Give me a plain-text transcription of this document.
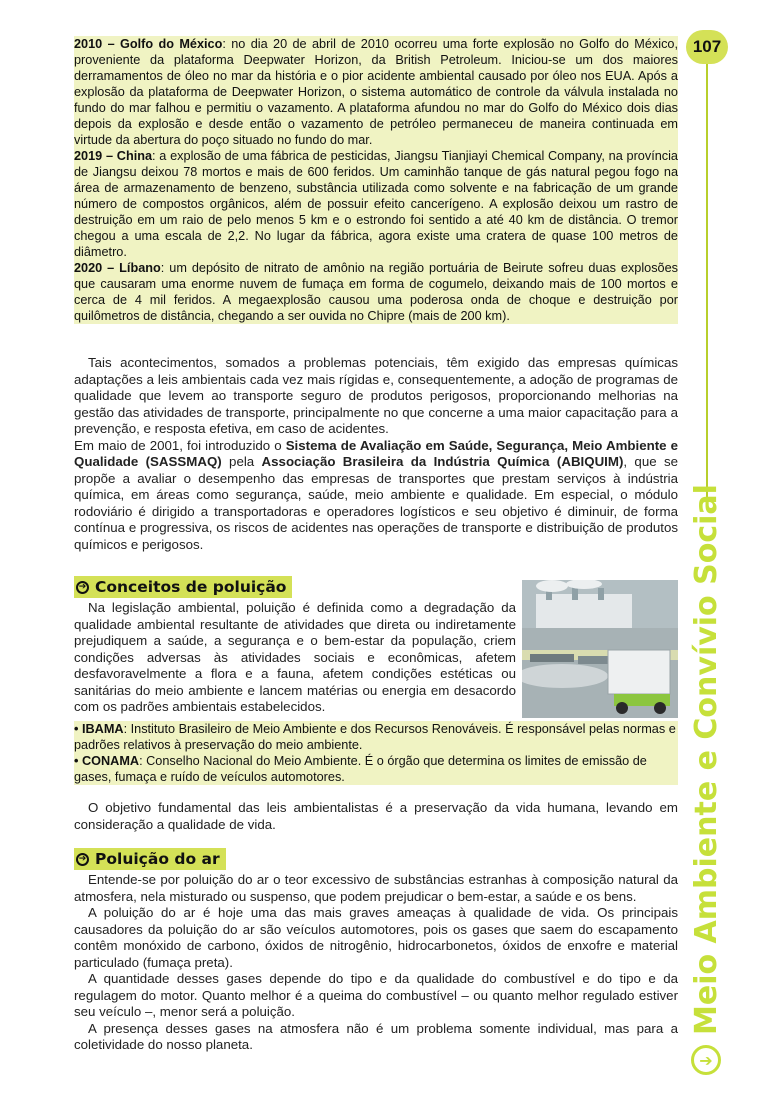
107
➔
Meio Ambiente e Convívio Social

2010 – Golfo do México: no dia 20 de abril de 2010 ocorreu uma forte explosão no Golfo do México, proveniente da plataforma Deepwater Horizon, da British Petroleum. Iniciou-se um dos maiores derramamentos de óleo no mar da história e o pior acidente ambiental causado por óleo nos EUA. Após a explosão da plataforma de Deepwater Horizon, o sistema automático de controle da válvula instalada no fundo do mar falhou e permitiu o vazamento. A plataforma afundou no mar do Golfo do México dois dias depois da explosão e desde então o vazamento de petróleo permaneceu de maneira continuada em virtude da abertura do poço situado no fundo do mar.

2019 – China: a explosão de uma fábrica de pesticidas, Jiangsu Tianjiayi Chemical Company, na província de Jiangsu deixou 78 mortos e mais de 600 feridos. Um caminhão tanque de gás natural pegou fogo na área de armazenamento de benzeno, substância utilizada como solvente e na fabricação de um grande número de compostos orgânicos, além de possuir efeito cancerígeno. A explosão deixou um rastro de destruição em um raio de pelo menos 5 km e o estrondo foi sentido a até 40 km de distância. O tremor chegou a uma escala de 2,2. No lugar da fábrica, agora existe uma cratera de quase 100 metros de diâmetro.

2020 – Líbano: um depósito de nitrato de amônio na região portuária de Beirute sofreu duas explosões que causaram uma enorme nuvem de fumaça em forma de cogumelo, deixando mais de 100 mortos e cerca de 4 mil feridos. A megaexplosão causou uma poderosa onda de choque e destruição por quilômetros de distância, chegando a ser ouvida no Chipre (mais de 200 km).

Tais acontecimentos, somados a problemas potenciais, têm exigido das empresas químicas adaptações a leis ambientais cada vez mais rígidas e, consequentemente, a adoção de programas de qualidade que levem ao transporte seguro de produtos perigosos, proporcionando melhorias na gestão das atividades de transporte, principalmente no que concerne a uma maior capacitação para a prevenção, e resposta efetiva, em caso de acidentes.

Em maio de 2001, foi introduzido o Sistema de Avaliação em Saúde, Segurança, Meio Ambiente e Qualidade (SASSMAQ) pela Associação Brasileira da Indústria Química (ABIQUIM), que se propõe a avaliar o desempenho das empresas de transportes que prestam serviços à indústria química, em áreas como segurança, saúde, meio ambiente e qualidade. Em especial, o módulo rodoviário é dirigido a transportadoras e operadores logísticos e seu objetivo é diminuir, de forma contínua e progressiva, os riscos de acidentes nas operações de transporte e distribuição de produtos químicos e perigosos.

➔ Conceitos de poluição

Na legislação ambiental, poluição é definida como a degradação da qualidade ambiental resultante de atividades que direta ou indiretamente prejudiquem a saúde, a segurança e o bem-estar da população, criem condições adversas às atividades sociais e econômicas, afetem desfavoravelmente a flora e a fauna, afetem condições estéticas ou sanitárias do meio ambiente e lancem matérias ou energia em desacordo com os padrões ambientais estabelecidos.

• IBAMA: Instituto Brasileiro de Meio Ambiente e dos Recursos Renováveis. É responsável pelas normas e padrões relativos à preservação do meio ambiente.

• CONAMA: Conselho Nacional do Meio Ambiente. É o órgão que determina os limites de emissão de gases, fumaça e ruído de veículos automotores.

O objetivo fundamental das leis ambientalistas é a preservação da vida humana, levando em consideração a qualidade de vida.

➔ Poluição do ar

Entende-se por poluição do ar o teor excessivo de substâncias estranhas à composição natural da atmosfera, nela misturado ou suspenso, que podem prejudicar o bem-estar, a saúde e os bens.

A poluição do ar é hoje uma das mais graves ameaças à qualidade de vida. Os principais causadores da poluição do ar são veículos automotores, pois os gases que saem do escapamento contêm monóxido de carbono, óxidos de nitrogênio, hidrocarbonetos, óxidos de enxofre e material particulado (fumaça preta).

A quantidade desses gases depende do tipo e da qualidade do combustível e do tipo e da regulagem do motor. Quanto melhor é a queima do combustível – ou quanto melhor regulado estiver seu veículo –, menor será a poluição.

A presença desses gases na atmosfera não é um problema somente individual, mas para a coletividade do nosso planeta.
